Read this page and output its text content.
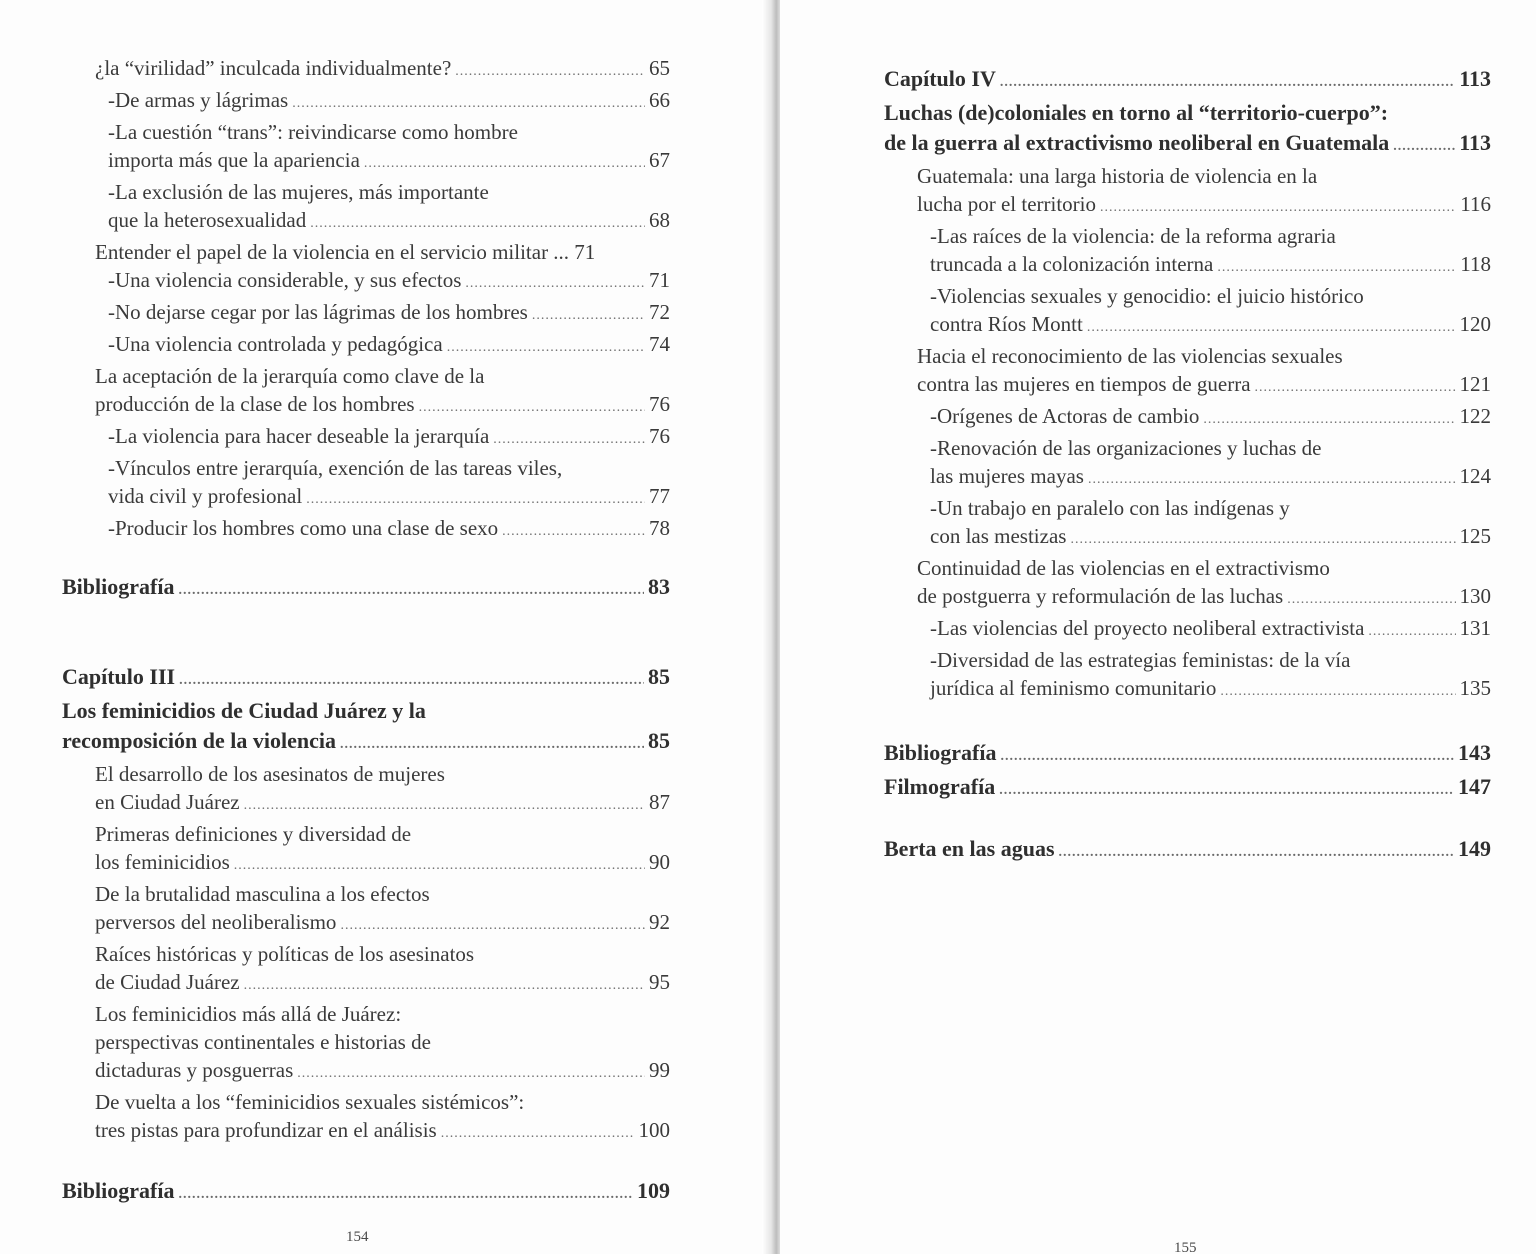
¿la “virilidad” inculcada individualmente? .....	65
-De armas y lágrimas .....	66
-La cuestión “trans”: reivindicarse como hombre
importa más que la apariencia .....	67
-La exclusión de las mujeres, más importante
que la heterosexualidad .....	68
Entender el papel de la violencia en el servicio militar ... 71
-Una violencia considerable, y sus efectos .....	71
-No dejarse cegar por las lágrimas de los hombres .....	72
-Una violencia controlada y pedagógica .....	74
La aceptación de la jerarquía como clave de la
producción de la clase de los hombres .....	76
-La violencia para hacer deseable la jerarquía .....	76
-Vínculos entre jerarquía, exención de las tareas viles,
vida civil y profesional .....	77
-Producir los hombres como una clase de sexo .....	78
Bibliografía .....	83
Capítulo III .....	85
Los feminicidios de Ciudad Juárez y la
recomposición de la violencia .....	85
El desarrollo de los asesinatos de mujeres
en Ciudad Juárez .....	87
Primeras definiciones y diversidad de
los feminicidios .....	90
De la brutalidad masculina a los efectos
perversos del neoliberalismo .....	92
Raíces históricas y políticas de los asesinatos
de Ciudad Juárez .....	95
Los feminicidios más allá de Juárez:
perspectivas continentales e historias de
dictaduras y posguerras .....	99
De vuelta a los “feminicidios sexuales sistémicos”:
tres pistas para profundizar en el análisis .....	100
Bibliografía .....	109
154
155
Capítulo IV .....	113
Luchas (de)coloniales en torno al “territorio-cuerpo”:
de la guerra al extractivismo neoliberal en Guatemala .....	113
Guatemala: una larga historia de violencia en la
lucha por el territorio .....	116
-Las raíces de la violencia: de la reforma agraria
truncada a la colonización interna .....	118
-Violencias sexuales y genocidio: el juicio histórico
contra Ríos Montt .....	120
Hacia el reconocimiento de las violencias sexuales
contra las mujeres en tiempos de guerra .....	121
-Orígenes de Actoras de cambio .....	122
-Renovación de las organizaciones y luchas de
las mujeres mayas .....	124
-Un trabajo en paralelo con las indígenas y
con las mestizas .....	125
Continuidad de las violencias en el extractivismo
de postguerra y reformulación de las luchas .....	130
-Las violencias del proyecto neoliberal extractivista .....	131
-Diversidad de las estrategias feministas: de la vía
jurídica al feminismo comunitario .....	135
Bibliografía .....	143
Filmografía .....	147
Berta en las aguas .....	149
